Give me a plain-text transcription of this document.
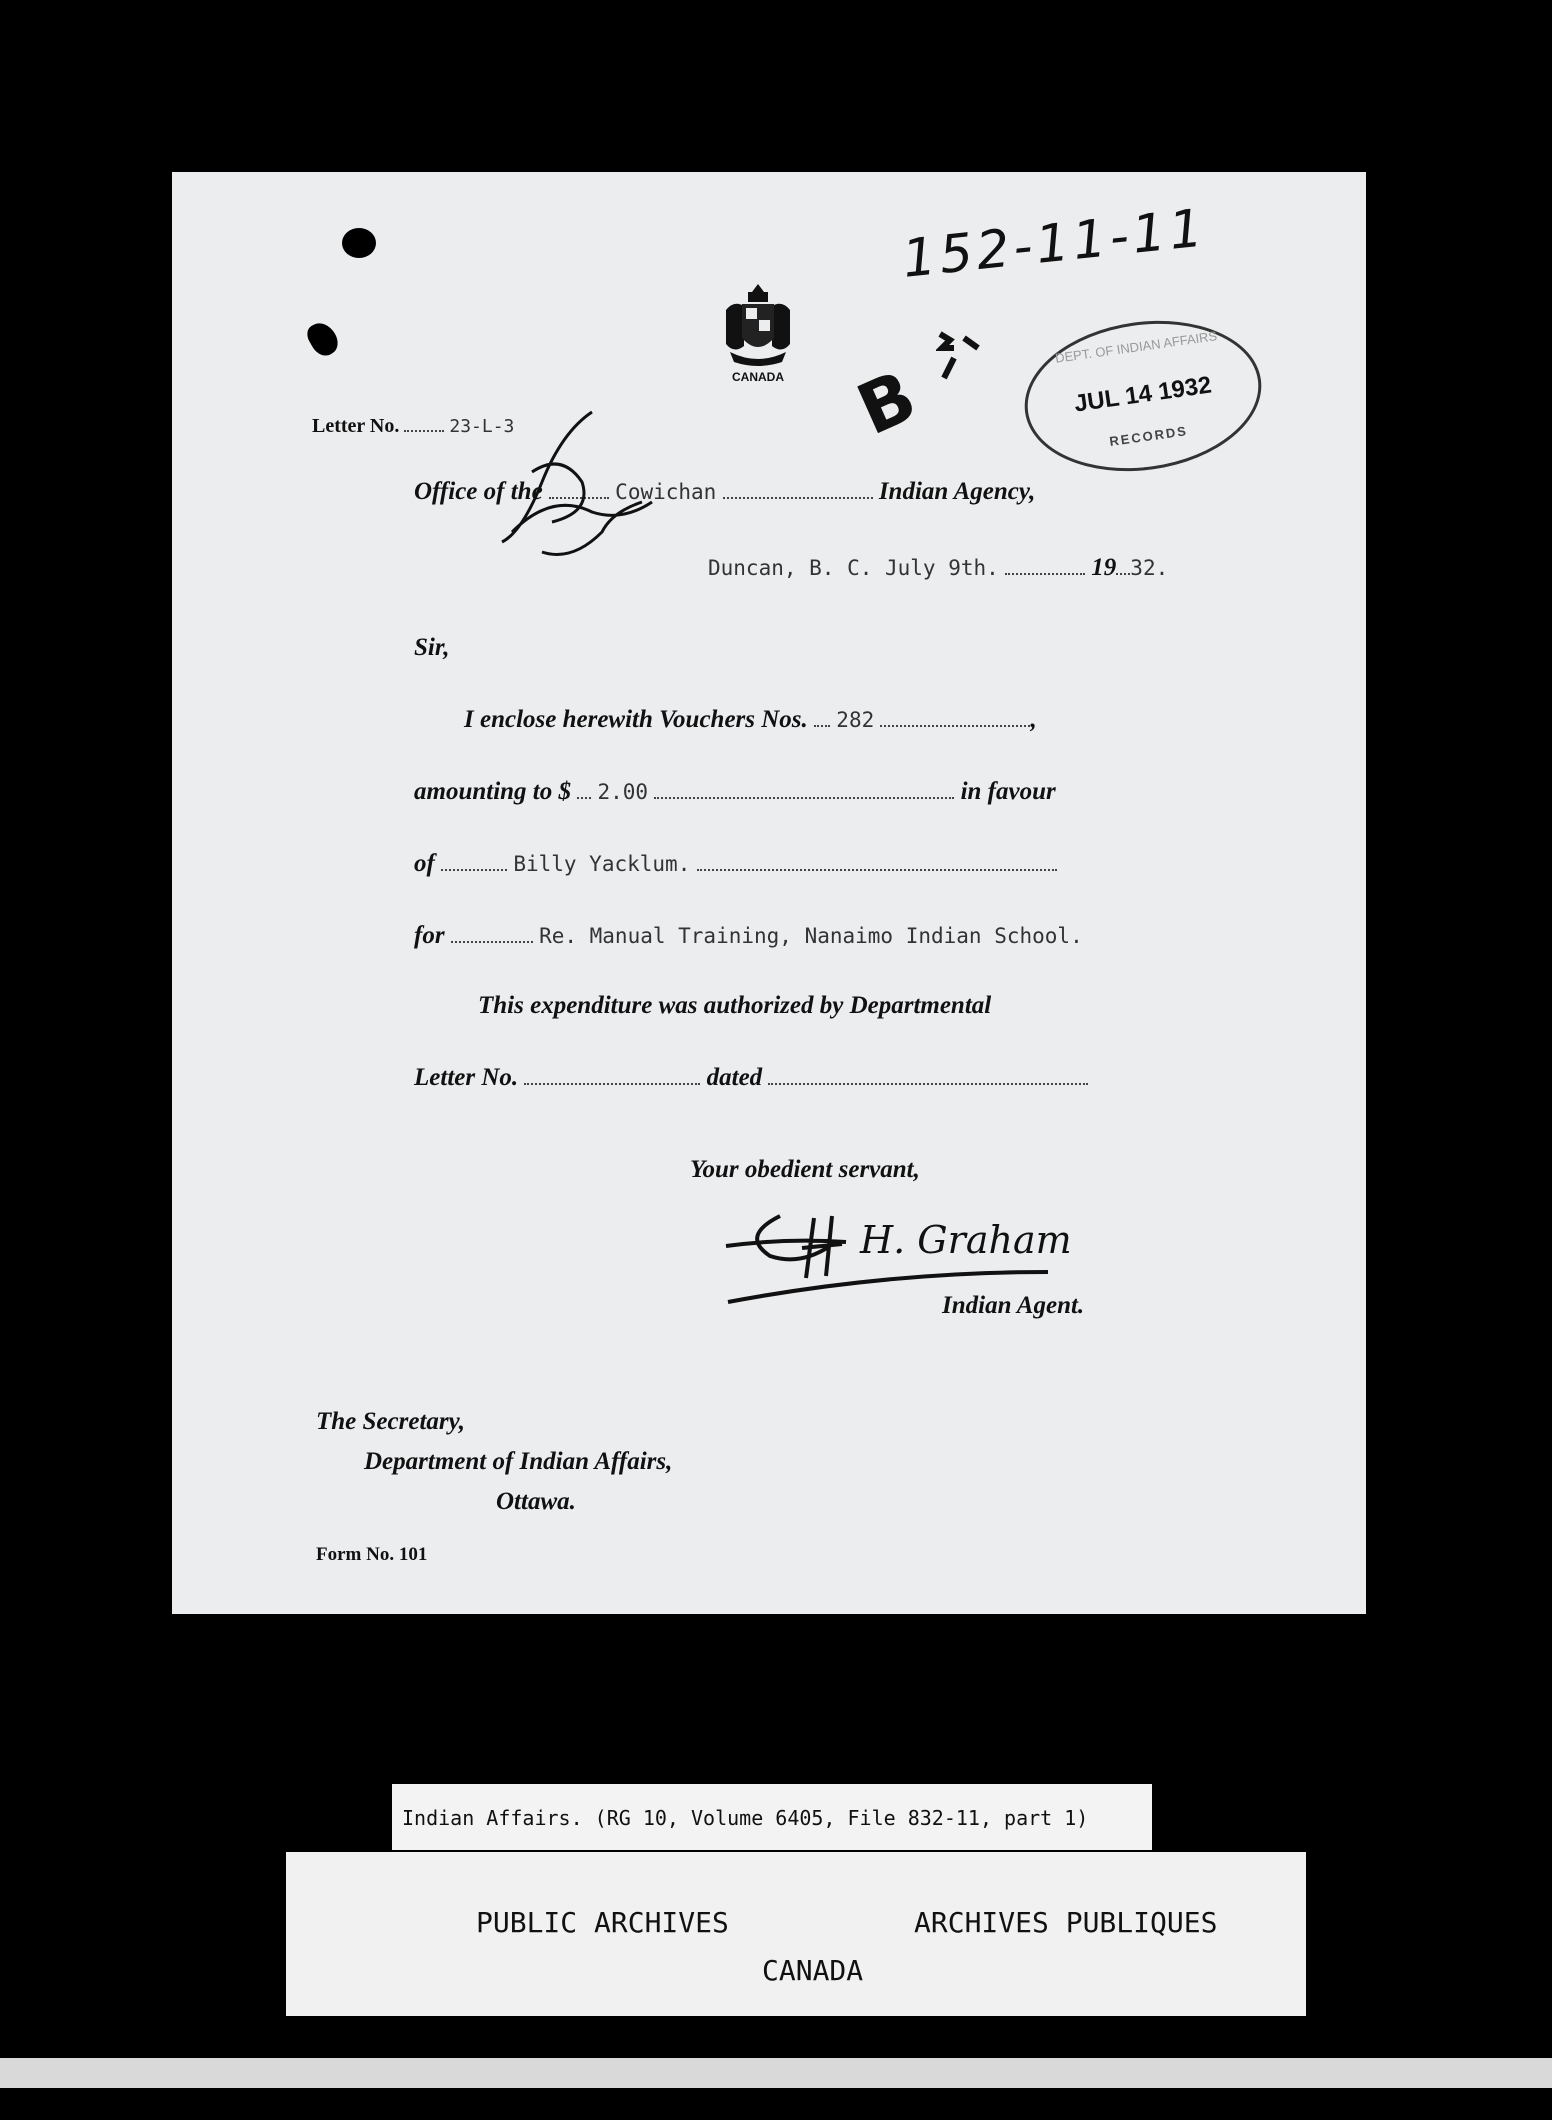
152-11-11
CANADA B
DEPT. OF INDIAN AFFAIRS
JUL 14 1932
RECORDS
Letter No.	23-L-3
Office of the	Cowichan	Indian Agency,
Duncan, B. C. July 9th.	19 32.
Sir,
I enclose herewith Vouchers Nos. 282	,
amounting to $ 2.00	in favour
of	Billy Yacklum.
for	Re. Manual Training, Nanaimo Indian School.
This expenditure was authorized by Departmental
Letter No.	dated
Your obedient servant,
H. Graham
Indian Agent.
The Secretary,
Department of Indian Affairs,
Ottawa.
Form No. 101
Indian Affairs. (RG 10, Volume 6405, File 832-11, part 1)
PUBLIC ARCHIVES	ARCHIVES PUBLIQUES
CANADA
